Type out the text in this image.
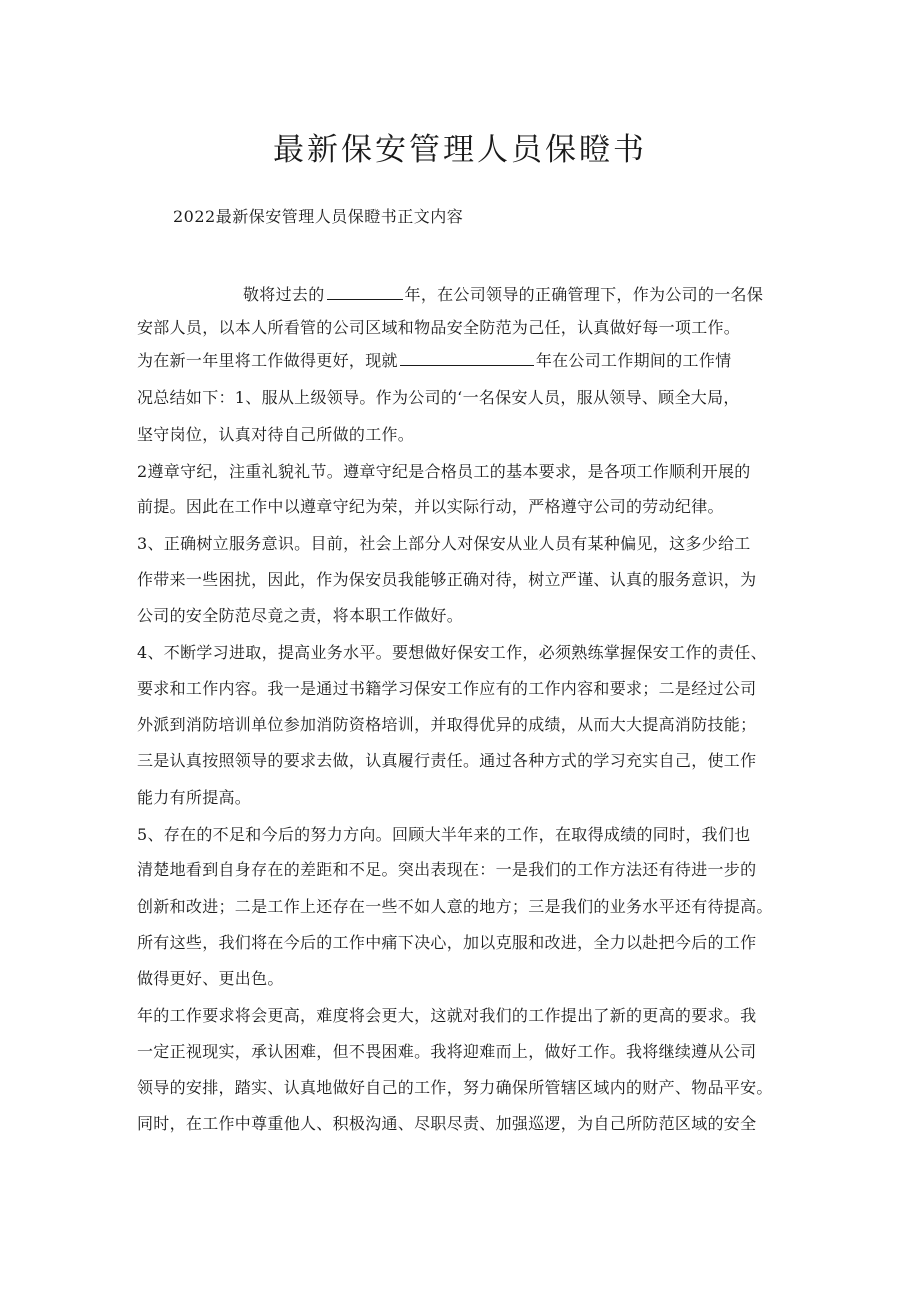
最新保安管理人员保瞪书

2022最新保安管理人员保瞪书正文内容

敬将过去的	年，在公司领导的正确管理下，作为公司的一名保

安部人员，以本人所看管的公司区域和物品安全防范为己任，认真做好每一项工作。

为在新一年里将工作做得更好，现就	年在公司工作期间的工作情

况总结如下：1、服从上级领导。作为公司的‘一名保安人员，服从领导、顾全大局，

坚守岗位，认真对待自己所做的工作。

2遵章守纪，注重礼貌礼节。遵章守纪是合格员工的基本要求，是各项工作顺利开展的

前提。因此在工作中以遵章守纪为荣，并以实际行动，严格遵守公司的劳动纪律。

3、正确树立服务意识。目前，社会上部分人对保安从业人员有某种偏见，这多少给工

作带来一些困扰，因此，作为保安员我能够正确对待，树立严谨、认真的服务意识，为

公司的安全防范尽竟之责，将本职工作做好。

4、不断学习进取，提高业务水平。要想做好保安工作，必须熟练掌握保安工作的责任、

要求和工作内容。我一是通过书籍学习保安工作应有的工作内容和要求；二是经过公司

外派到消防培训单位参加消防资格培训，并取得优异的成绩，从而大大提高消防技能；

三是认真按照领导的要求去做，认真履行责任。通过各种方式的学习充实自己，使工作

能力有所提高。

5、存在的不足和今后的努力方向。回顾大半年来的工作，在取得成绩的同时，我们也

清楚地看到自身存在的差距和不足。突出表现在：一是我们的工作方法还有待进一步的

创新和改进；二是工作上还存在一些不如人意的地方；三是我们的业务水平还有待提高。

所有这些，我们将在今后的工作中痛下决心，加以克服和改进，全力以赴把今后的工作

做得更好、更出色。

年的工作要求将会更高，难度将会更大，这就对我们的工作提出了新的更高的要求。我

一定正视现实，承认困难，但不畏困难。我将迎难而上，做好工作。我将继续遵从公司

领导的安排，踏实、认真地做好自己的工作，努力确保所管辖区域内的财产、物品平安。

同时，在工作中尊重他人、积极沟通、尽职尽责、加强巡逻，为自己所防范区域的安全
